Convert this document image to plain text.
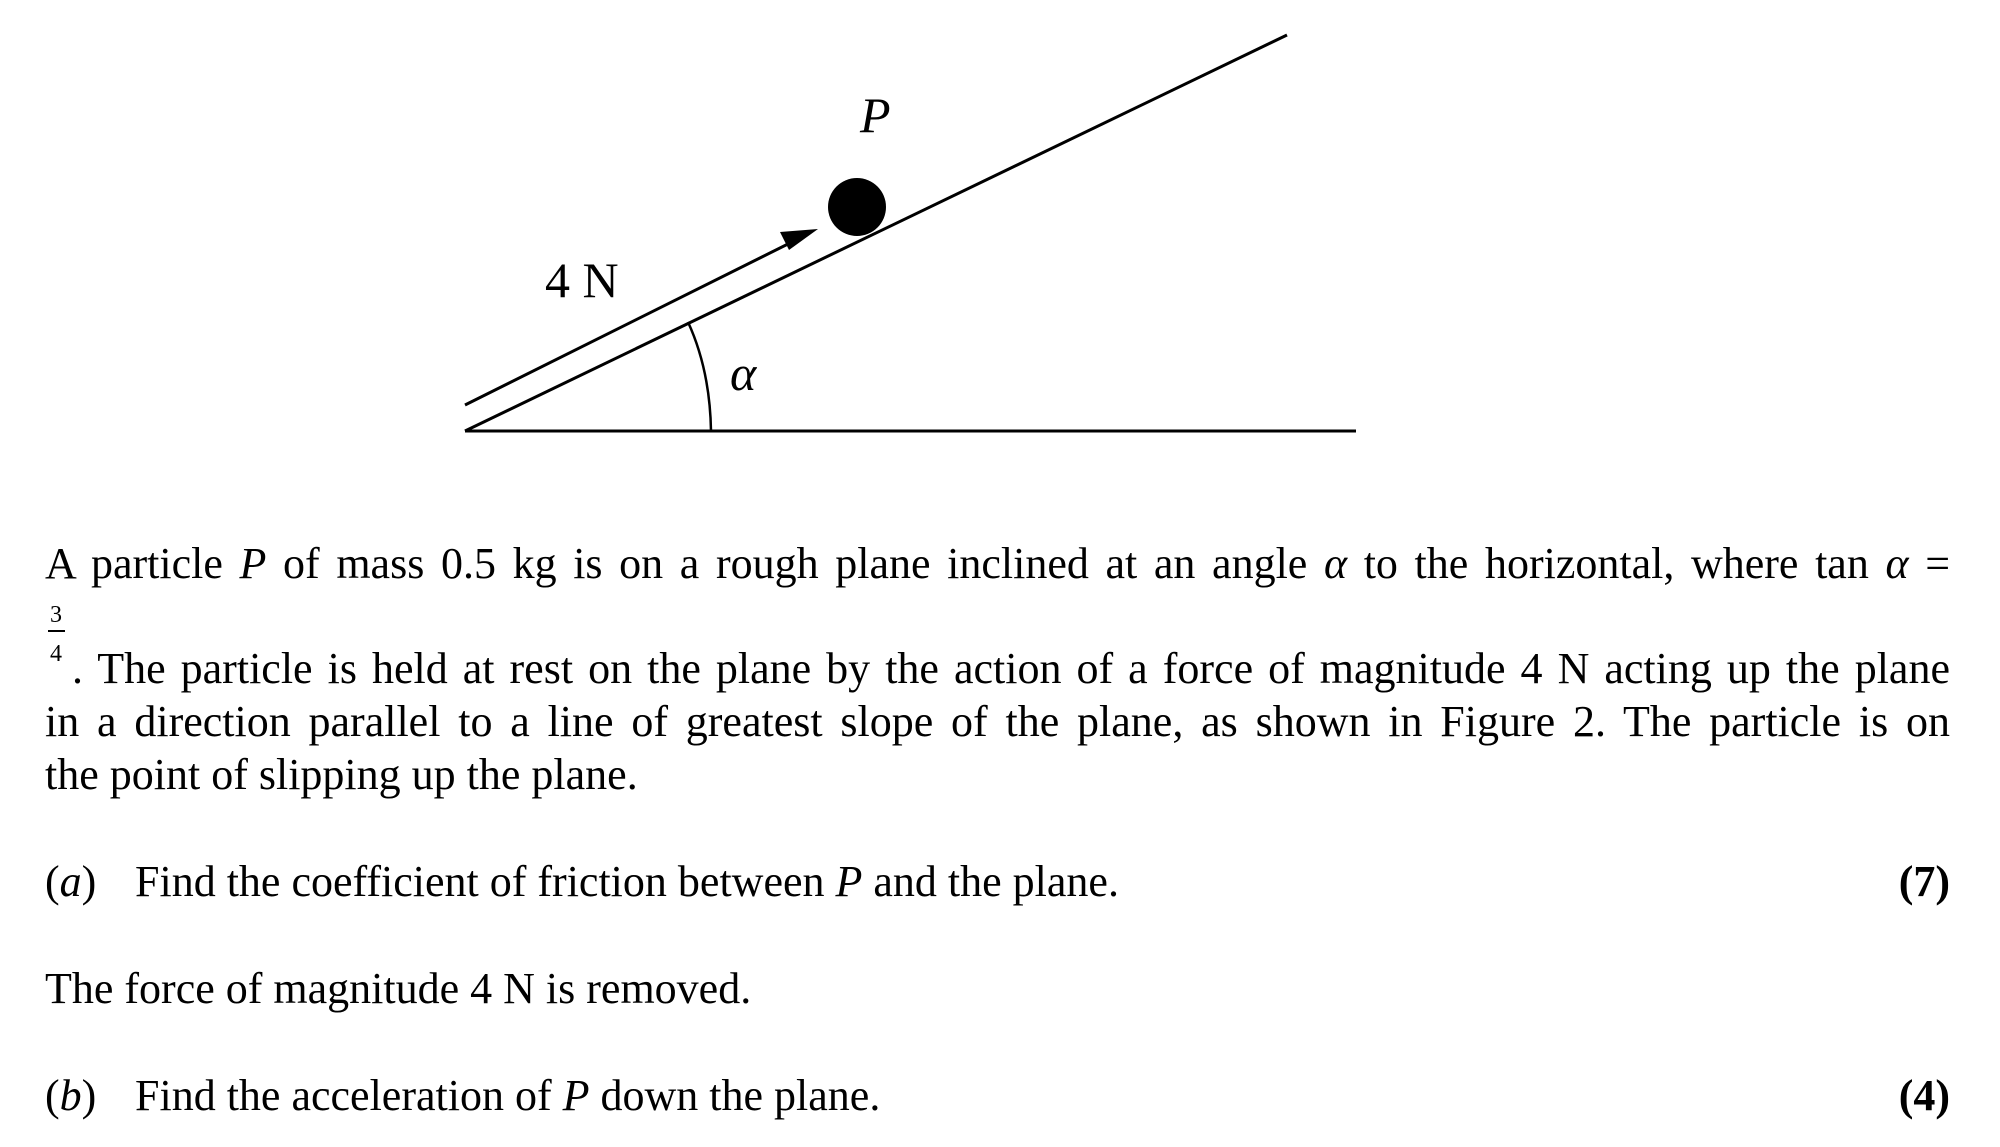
P
4 N
α
A particle P of mass 0.5 kg is on a rough plane inclined at an angle α to the horizontal, where tan α =
3
4 . The particle is held at rest on the plane by the action of a force of magnitude 4 N acting up the plane
in a direction parallel to a line of greatest slope of the plane, as shown in Figure 2. The particle is on
the point of slipping up the plane.
(a) Find the coefficient of friction between P and the plane.	(7)
The force of magnitude 4 N is removed.
(b) Find the acceleration of P down the plane.	(4)
